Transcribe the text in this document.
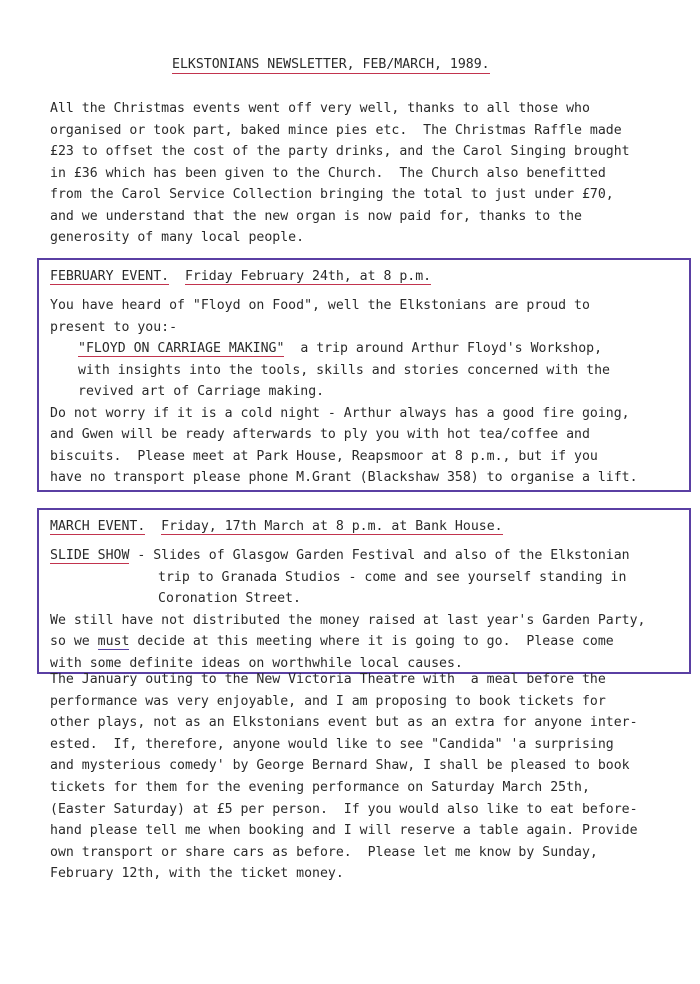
ELKSTONIANS NEWSLETTER, FEB/MARCH, 1989.
All the Christmas events went off very well, thanks to all those who
organised or took part, baked mince pies etc.  The Christmas Raffle made
£23 to offset the cost of the party drinks, and the Carol Singing brought
in £36 which has been given to the Church.  The Church also benefitted
from the Carol Service Collection bringing the total to just under £70,
and we understand that the new organ is now paid for, thanks to the
generosity of many local people.
FEBRUARY EVENT. Friday February 24th, at 8 p.m.
You have heard of "Floyd on Food", well the Elkstonians are proud to
present to you:-
"FLOYD ON CARRIAGE MAKING"  a trip around Arthur Floyd's Workshop,
with insights into the tools, skills and stories concerned with the
revived art of Carriage making.
Do not worry if it is a cold night - Arthur always has a good fire going,
and Gwen will be ready afterwards to ply you with hot tea/coffee and
biscuits.  Please meet at Park House, Reapsmoor at 8 p.m., but if you
have no transport please phone M.Grant (Blackshaw 358) to organise a lift.
MARCH EVENT. Friday, 17th March at 8 p.m. at Bank House.
SLIDE SHOW - Slides of Glasgow Garden Festival and also of the Elkstonian
trip to Granada Studios - come and see yourself standing in
Coronation Street.
We still have not distributed the money raised at last year's Garden Party,
so we must decide at this meeting where it is going to go.  Please come
with some definite ideas on worthwhile local causes.
The January outing to the New Victoria Theatre with  a meal before the
performance was very enjoyable, and I am proposing to book tickets for
other plays, not as an Elkstonians event but as an extra for anyone inter-
ested.  If, therefore, anyone would like to see "Candida" 'a surprising
and mysterious comedy' by George Bernard Shaw, I shall be pleased to book
tickets for them for the evening performance on Saturday March 25th,
(Easter Saturday) at £5 per person.  If you would also like to eat before-
hand please tell me when booking and I will reserve a table again. Provide
own transport or share cars as before.  Please let me know by Sunday,
February 12th, with the ticket money.
